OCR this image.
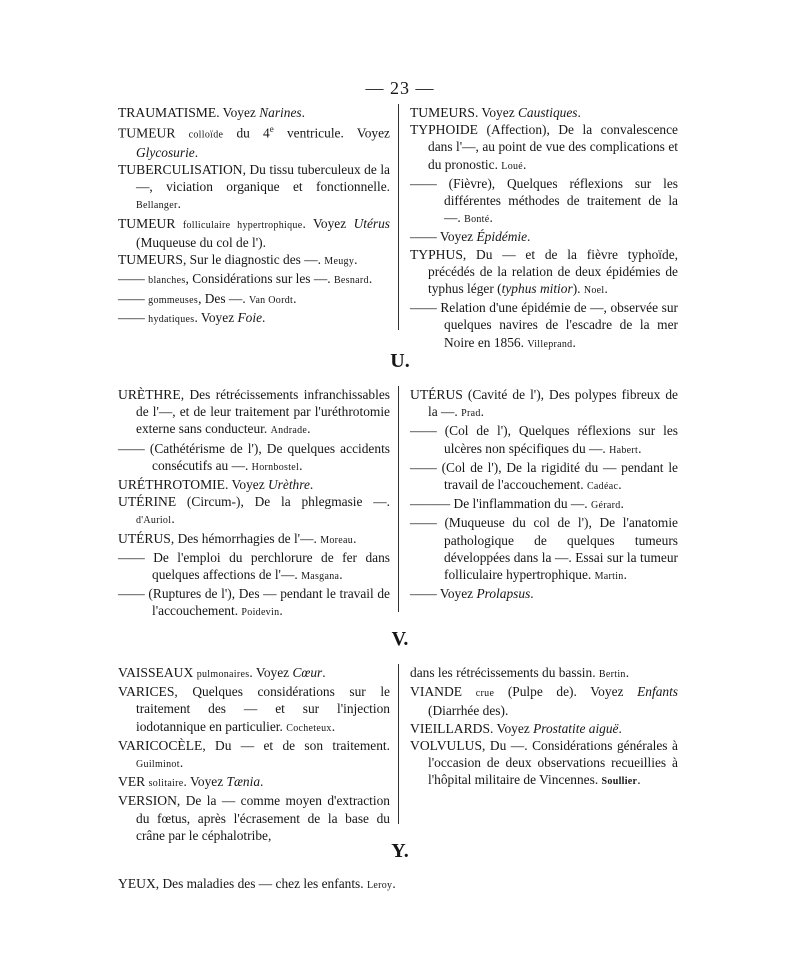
— 23 —
TRAUMATISME. Voyez Narines.
TUMEUR colloïde du 4e ventricule. Voyez Glycosurie.
TUBERCULISATION, Du tissu tuberculeux de la —, viciation organique et fonctionnelle. Bellanger.
TUMEUR folliculaire hypertrophique. Voyez Utérus (Muqueuse du col de l').
TUMEURS, Sur le diagnostic des —. Meugy.
—— blanches, Considérations sur les —. Besnard.
—— gommeuses, Des —. Van Oordt.
—— hydatiques. Voyez Foie.
TUMEURS. Voyez Caustiques.
TYPHOIDE (Affection), De la convalescence dans l'—, au point de vue des complications et du pronostic. Loué.
—— (Fièvre), Quelques réflexions sur les différentes méthodes de traitement de la —. Bonté.
—— Voyez Épidémie.
TYPHUS, Du — et de la fièvre typhoïde, précédés de la relation de deux épidémies de typhus léger (typhus mitior). Noel.
—— Relation d'une épidémie de —, observée sur quelques navires de l'escadre de la mer Noire en 1856. Villeprand.
U.
URÈTHRE, Des rétrécissements infranchissables de l'—, et de leur traitement par l'uréthrotomie externe sans conducteur. Andrade.
—— (Cathétérisme de l'), De quelques accidents consécutifs au —. Hornbostel.
URÉTHROTOMIE. Voyez Urèthre.
UTÉRINE (Circum-), De la phlegmasie —. d'Auriol.
UTÉRUS, Des hémorrhagies de l'—. Moreau.
—— De l'emploi du perchlorure de fer dans quelques affections de l'—. Masgana.
—— (Ruptures de l'), Des — pendant le travail de l'accouchement. Poidevin.
UTÉRUS (Cavité de l'), Des polypes fibreux de la —. Prad.
—— (Col de l'), Quelques réflexions sur les ulcères non spécifiques du —. Habert.
—— (Col de l'), De la rigidité du — pendant le travail de l'accouchement. Cadéac.
——— De l'inflammation du —. Gérard.
—— (Muqueuse du col de l'), De l'anatomie pathologique de quelques tumeurs développées dans la —. Essai sur la tumeur folliculaire hypertrophique. Martin.
—— Voyez Prolapsus.
V.
VAISSEAUX pulmonaires. Voyez Cœur.
VARICES, Quelques considérations sur le traitement des — et sur l'injection iodotannique en particulier. Cocheteux.
VARICOCÈLE, Du — et de son traitement. Guilminot.
VER solitaire. Voyez Tænia.
VERSION, De la — comme moyen d'extraction du fœtus, après l'écrasement de la base du crâne par le céphalotribe,
dans les rétrécissements du bassin. Bertin.
VIANDE crue (Pulpe de). Voyez Enfants (Diarrhée des).
VIEILLARDS. Voyez Prostatite aiguë.
VOLVULUS, Du —. Considérations générales à l'occasion de deux observations recueillies à l'hôpital militaire de Vincennes. Soullier.
Y.
YEUX, Des maladies des — chez les enfants. Leroy.
